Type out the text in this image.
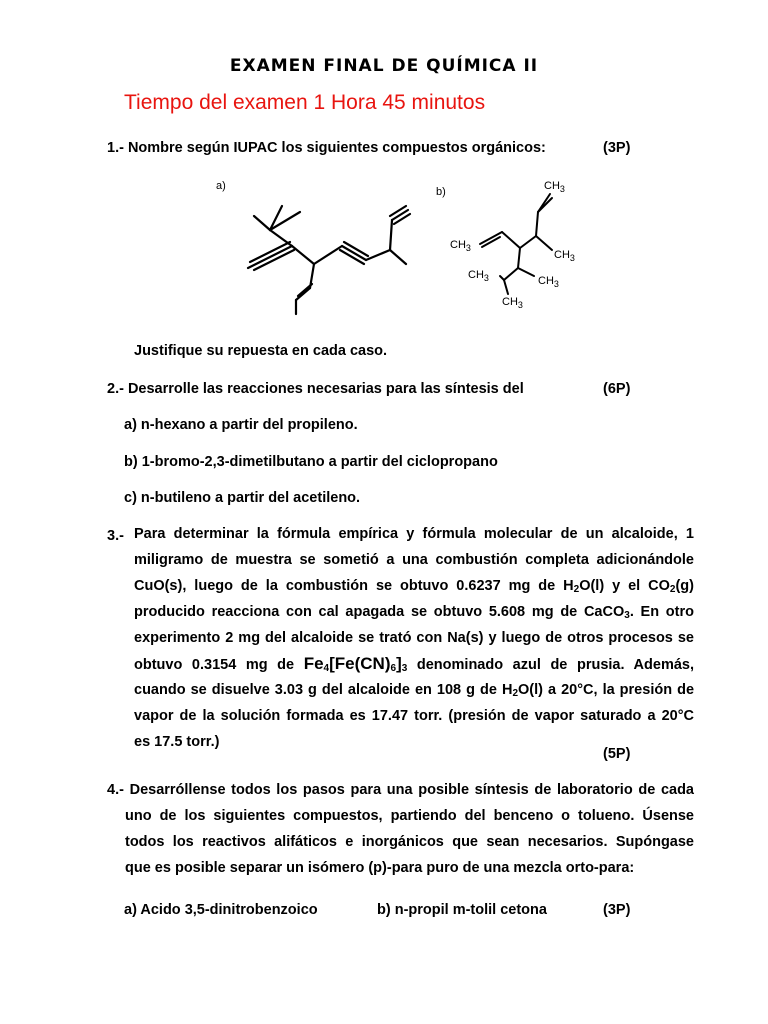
EXAMEN FINAL DE QUÍMICA II
Tiempo del examen 1 Hora 45 minutos
1.- Nombre según IUPAC los siguientes compuestos orgánicos:	(3P)
a)	b)	$CH_3$
$CH_3$
$CH_3$
$CH_3$	$CH_3$
$CH_3$
Justifique su repuesta en cada caso.
2.- Desarrolle las reacciones necesarias para las síntesis del	(6P)
a) n-hexano a partir del propileno.
b) 1-bromo-2,3-dimetilbutano a partir del ciclopropano
c) n-butileno a partir del acetileno.
3.- Para determinar la fórmula empírica y fórmula molecular de un alcaloide, 1
miligramo de muestra se sometió a una combustión completa adicionándole
CuO(s), luego de la combustión se obtuvo 0.6237 mg de $H_2O(l)$ y el $CO_2(g)$
producido reacciona con cal apagada se obtuvo 5.608 mg de CaCO$_3$. En otro
experimento 2 mg del alcaloide se trató con Na(s) y luego de otros procesos se
obtuvo 0.3154 mg de $Fe_4[Fe(CN)_6]_3$ denominado azul de prusia. Además,
cuando se disuelve 3.03 g del alcaloide en 108 g de $H_2O(l)$ a 20°C, la presión de
vapor de la solución formada es 17.47 torr. (presión de vapor saturado a 20°C
es 17.5 torr.)
(5P)
4.- Desarróllense todos los pasos para una posible síntesis de laboratorio de cada
uno de los siguientes compuestos, partiendo del benceno o tolueno. Úsense
todos los reactivos alifáticos e inorgánicos que sean necesarios. Supóngase
que es posible separar un isómero (p)-para puro de una mezcla orto-para:
a) Acido 3,5-dinitrobenzoico	b) n-propil m-tolil cetona	(3P)
